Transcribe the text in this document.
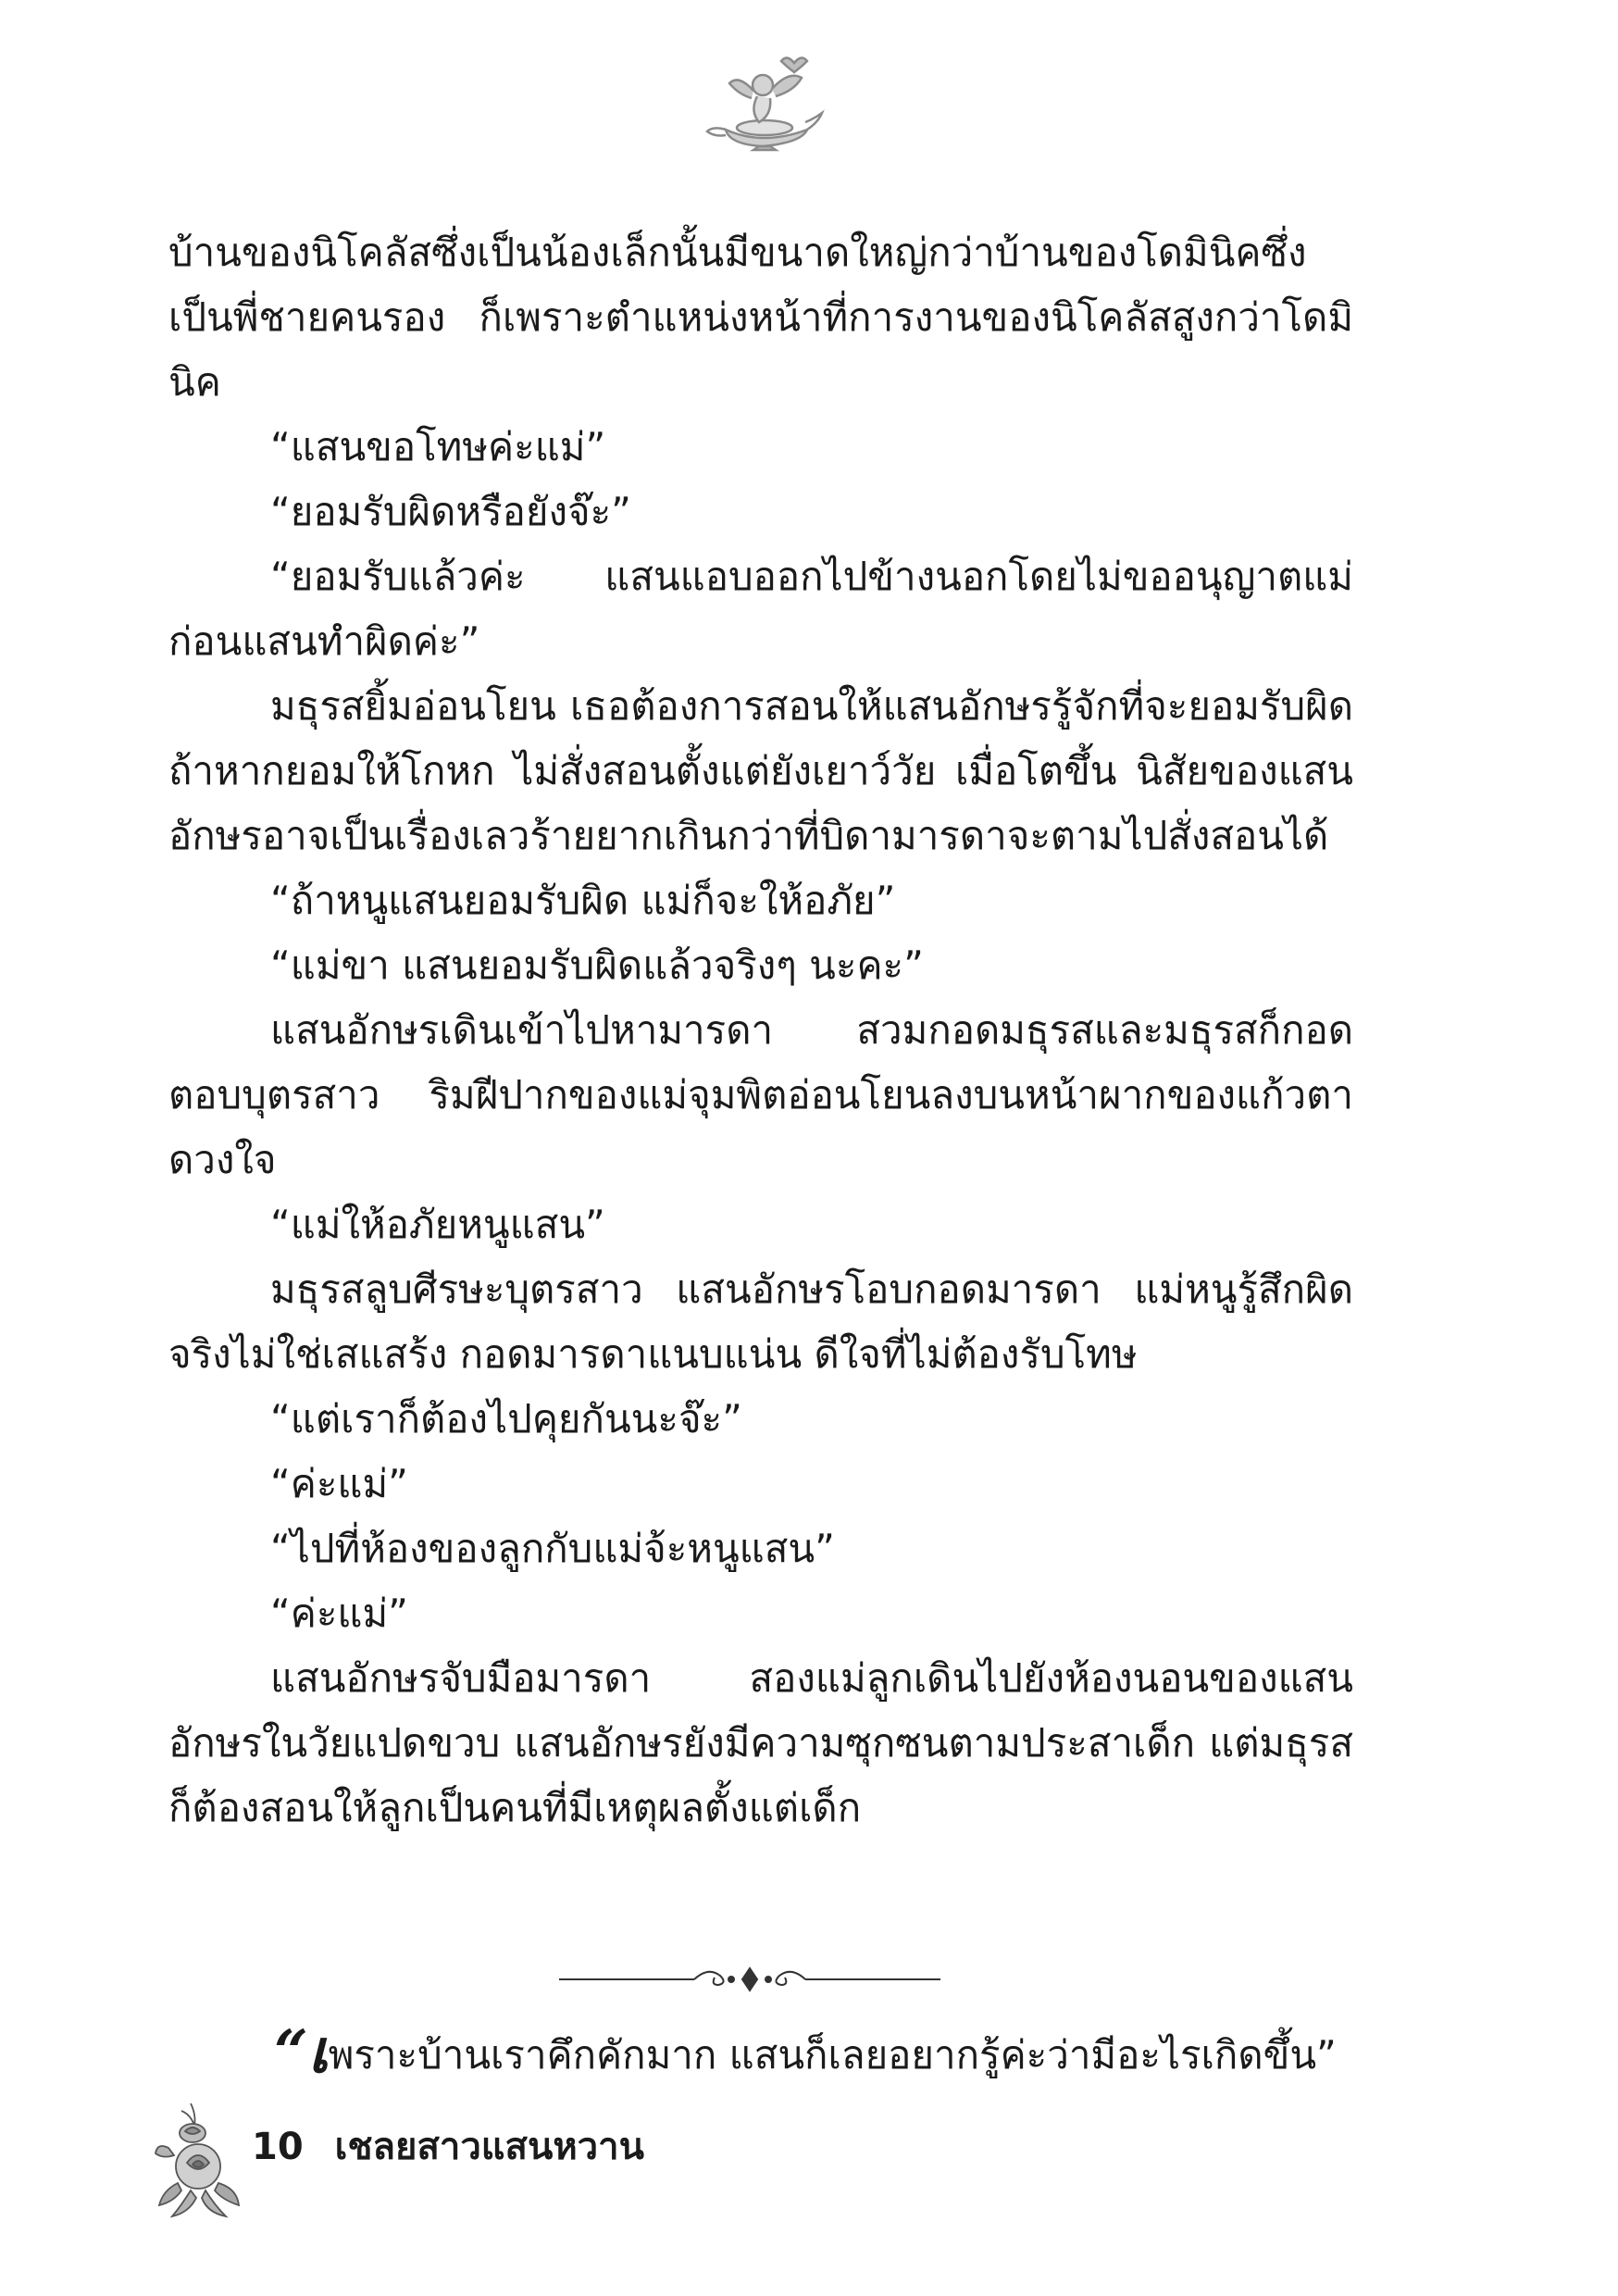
บ้านของนิโคลัสซึ่งเป็นน้องเล็กนั้นมีขนาดใหญ่กว่าบ้านของโดมินิคซึ่งเป็นพี่ชายคนรอง ก็เพราะตำแหน่งหน้าที่การงานของนิโคลัสสูงกว่าโดมินิค

“แสนขอโทษค่ะแม่”

“ยอมรับผิดหรือยังจ๊ะ”

“ยอมรับแล้วค่ะ แสนแอบออกไปข้างนอกโดยไม่ขออนุญาตแม่ก่อนแสนทำผิดค่ะ”

มธุรสยิ้มอ่อนโยน เธอต้องการสอนให้แสนอักษรรู้จักที่จะยอมรับผิดถ้าหากยอมให้โกหก ไม่สั่งสอนตั้งแต่ยังเยาว์วัย เมื่อโตขึ้น นิสัยของแสนอักษรอาจเป็นเรื่องเลวร้ายยากเกินกว่าที่บิดามารดาจะตามไปสั่งสอนได้

“ถ้าหนูแสนยอมรับผิด แม่ก็จะให้อภัย”

“แม่ขา แสนยอมรับผิดแล้วจริงๆ นะคะ”

แสนอักษรเดินเข้าไปหามารดา สวมกอดมธุรสและมธุรสก็กอดตอบบุตรสาว ริมฝีปากของแม่จุมพิตอ่อนโยนลงบนหน้าผากของแก้วตาดวงใจ

“แม่ให้อภัยหนูแสน”

มธุรสลูบศีรษะบุตรสาว แสนอักษรโอบกอดมารดา แม่หนูรู้สึกผิดจริงไม่ใช่เสแสร้ง กอดมารดาแนบแน่น ดีใจที่ไม่ต้องรับโทษ

“แต่เราก็ต้องไปคุยกันนะจ๊ะ”

“ค่ะแม่”

“ไปที่ห้องของลูกกับแม่จ้ะหนูแสน”

“ค่ะแม่”

แสนอักษรจับมือมารดา สองแม่ลูกเดินไปยังห้องนอนของแสนอักษรในวัยแปดขวบ แสนอักษรยังมีความซุกซนตามประสาเด็ก แต่มธุรสก็ต้องสอนให้ลูกเป็นคนที่มีเหตุผลตั้งแต่เด็ก

“เพราะบ้านเราคึกคักมาก แสนก็เลยอยากรู้ค่ะว่ามีอะไรเกิดขึ้น”
10 เชลยสาวแสนหวาน
